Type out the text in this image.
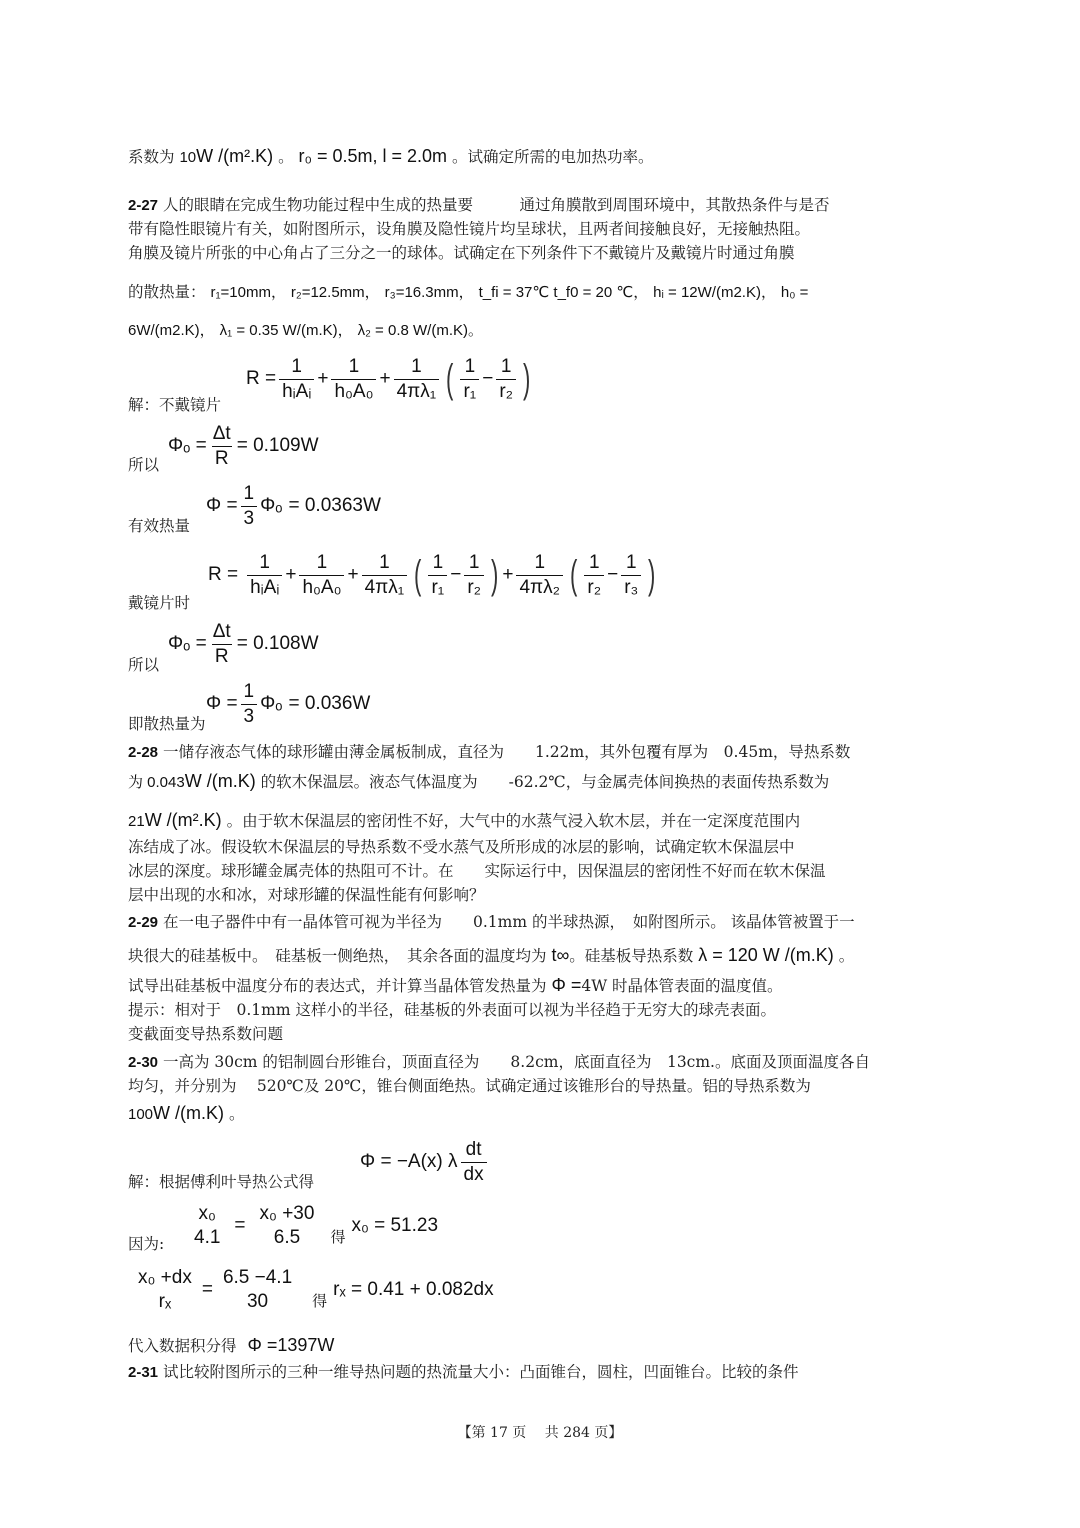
系数为 10W /(m².K) 。 r₀ = 0.5m, l = 2.0m 。试确定所需的电加热功率。
2-27 人的眼睛在完成生物功能过程中生成的热量要　　　通过角膜散到周围环境中，其散热条件与是否
带有隐性眼镜片有关，如附图所示，设角膜及隐性镜片均呈球状，且两者间接触良好，无接触热阻。
角膜及镜片所张的中心角占了三分之一的球体。试确定在下列条件下不戴镜片及戴镜片时通过角膜
的散热量： r₁=10mm， r₂=12.5mm， r₃=16.3mm， t_fi = 37℃ t_f0 = 20 ℃， hᵢ = 12W/(m2.K)， h₀ =
6W/(m2.K)， λ₁ = 0.35 W/(m.K)， λ₂ = 0.8 W/(m.K)。
解：不戴镜片
$R = \frac{1}{\text{hᵢAᵢ}} + \frac{1}{\text{h₀A₀}} + \frac{1}{\text{4πλ₁}}$ ( $\frac{1}{\text{r₁}} - \frac{1}{\text{r₂}}$ )
所以
$\Phi_o = \frac{\Delta t}{R} = 0.109W$
有效热量
$\Phi = \frac{1}{3}$ Φₒ = 0.0363W
戴镜片时
$R = \frac{1}{\text{hᵢAᵢ}} + \frac{1}{\text{h₀A₀}} + \frac{1}{\text{4πλ₁}}$ ( $\frac{1}{\text{r₁}} - \frac{1}{\text{r₂}}$ ) + $\frac{1}{\text{4πλ₂}}$ ( $\frac{1}{\text{r₂}} - \frac{1}{\text{r₃}}$ )
所以
$\Phi_o = \frac{\Delta t}{R} = 0.108W$
即散热量为
$\Phi = \frac{1}{3}$ Φₒ = 0.036W
2-28 一储存液态气体的球形罐由薄金属板制成，直径为　　1.22m，其外包覆有厚为　0.45m，导热系数
为 0.043W /(m.K) 的软木保温层。液态气体温度为　　-62.2℃，与金属壳体间换热的表面传热系数为
21W /(m².K) 。由于软木保温层的密闭性不好，大气中的水蒸气浸入软木层，并在一定深度范围内
冻结成了冰。假设软木保温层的导热系数不受水蒸气及所形成的冰层的影响，试确定软木保温层中
冰层的深度。球形罐金属壳体的热阻可不计。在　　实际运行中，因保温层的密闭性不好而在软木保温
层中出现的水和冰，对球形罐的保温性能有何影响？
2-29 在一电子器件中有一晶体管可视为半径为　　0.1mm 的半球热源，　如附图所示。 该晶体管被置于一
块很大的硅基板中。　硅基板一侧绝热，　其余各面的温度均为 t∞。硅基板导热系数 λ = 120 W /(m.K) 。
试导出硅基板中温度分布的表达式，并计算当晶体管发热量为 Φ =4W 时晶体管表面的温度值。
提示：相对于　0.1mm 这样小的半径，硅基板的外表面可以视为半径趋于无穷大的球壳表面。
变截面变导热系数问题
2-30 一高为 30cm 的铝制圆台形锥台，顶面直径为　　8.2cm，底面直径为　13cm.。底面及顶面温度各自
均匀，并分别为　 520℃及 20℃，锥台侧面绝热。试确定通过该锥形台的导热量。铝的导热系数为
100W /(m.K) 。
解：根据傅利叶导热公式得
Φ = −A(x) λ $\frac{dt}{dx}$
因为:
x₀
4.1
=
x₀ +30
6.5 得
x₀ = 51.23
x₀ +dx
rₓ
=
6.5 −4.1
30	得
rₓ = 0.41 + 0.082dx
代入数据积分得 Φ =1397W
2-31 试比较附图所示的三种一维导热问题的热流量大小：凸面锥台，圆柱，凹面锥台。比较的条件
【第 17 页　 共 284 页】
